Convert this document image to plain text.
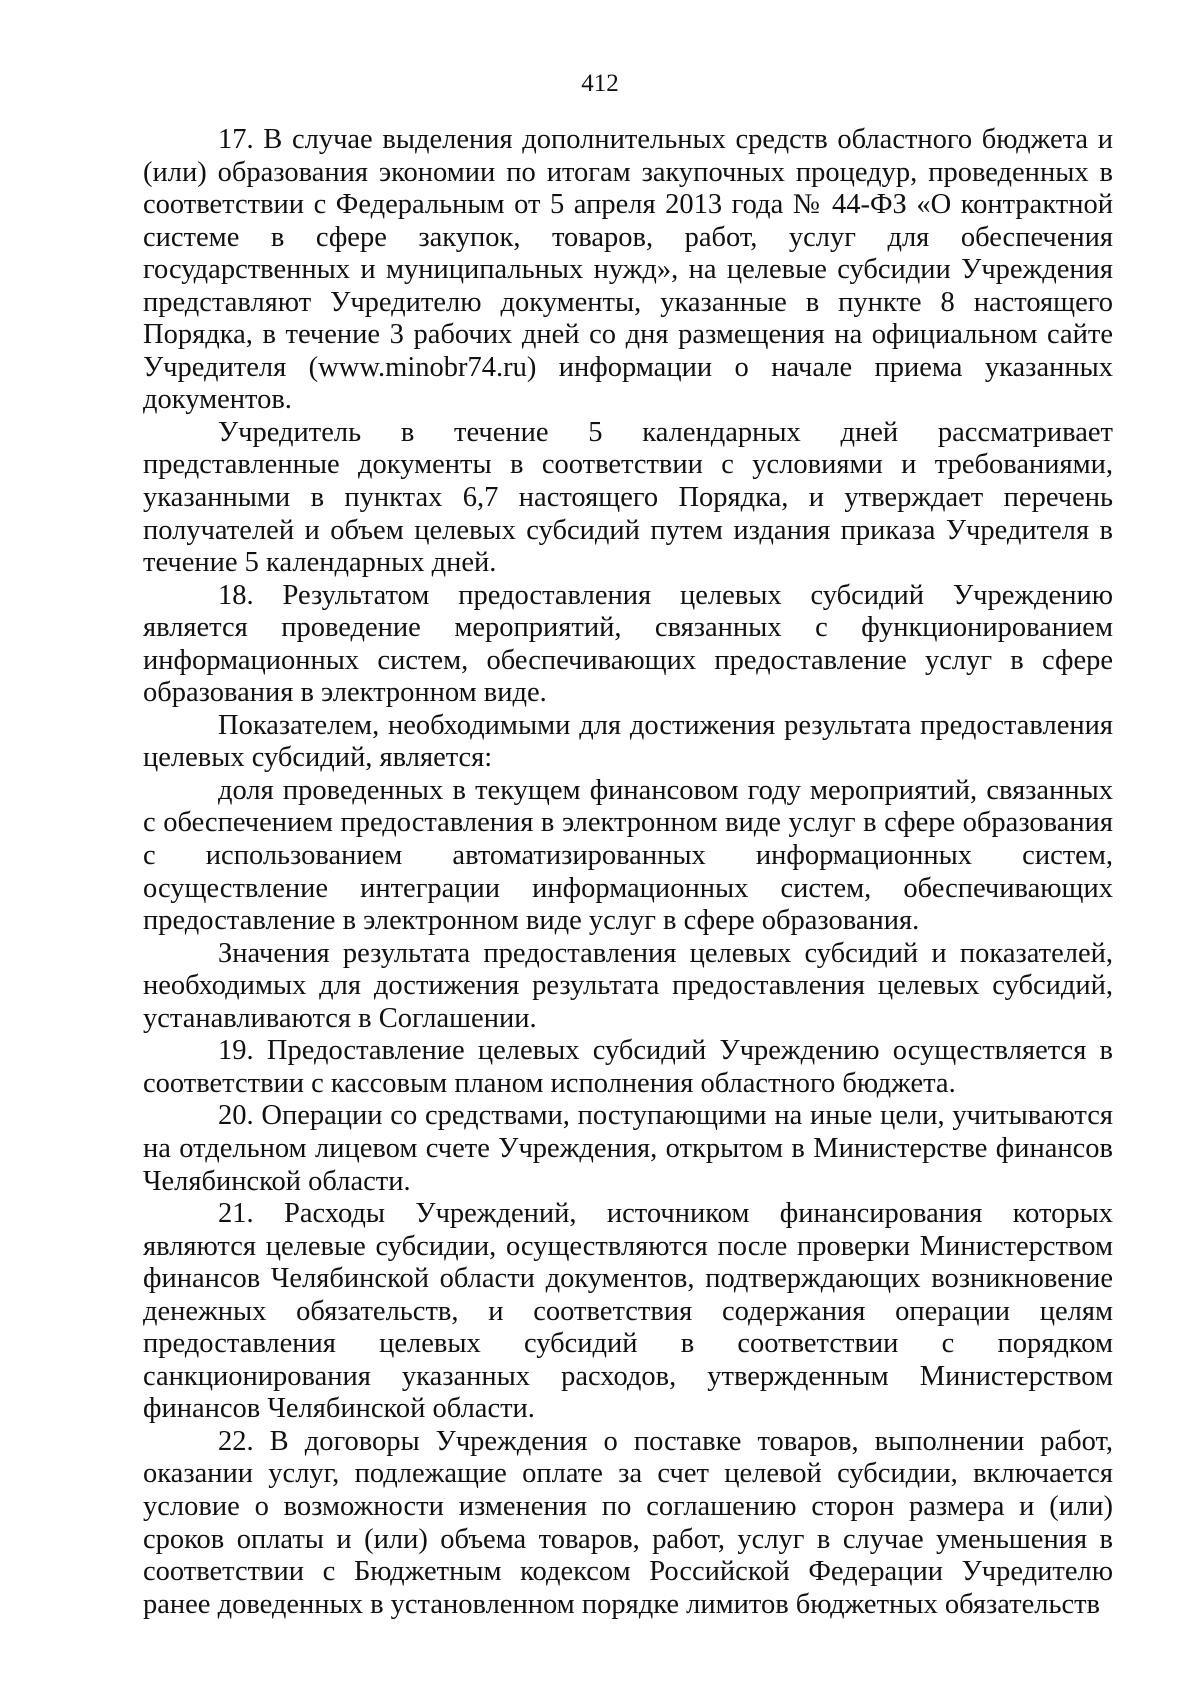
412

17. В случае выделения дополнительных средств областного бюджета и (или) образования экономии по итогам закупочных процедур, проведенных в соответствии с Федеральным от 5 апреля 2013 года № 44-ФЗ «О контрактной системе в сфере закупок, товаров, работ, услуг для обеспечения государственных и муниципальных нужд», на целевые субсидии Учреждения представляют Учредителю документы, указанные в пункте 8 настоящего Порядка, в течение 3 рабочих дней со дня размещения на официальном сайте Учредителя (www.minobr74.ru) информации о начале приема указанных документов.

Учредитель в течение 5 календарных дней рассматривает представленные документы в соответствии с условиями и требованиями, указанными в пунктах 6,7 настоящего Порядка, и утверждает перечень получателей и объем целевых субсидий путем издания приказа Учредителя в течение 5 календарных дней.

18. Результатом предоставления целевых субсидий Учреждению является проведение мероприятий, связанных с функционированием информационных систем, обеспечивающих предоставление услуг в сфере образования в электронном виде.

Показателем, необходимыми для достижения результата предоставления целевых субсидий, является:

доля проведенных в текущем финансовом году мероприятий, связанных с обеспечением предоставления в электронном виде услуг в сфере образования с использованием автоматизированных информационных систем, осуществление интеграции информационных систем, обеспечивающих предоставление в электронном виде услуг в сфере образования.

Значения результата предоставления целевых субсидий и показателей, необходимых для достижения результата предоставления целевых субсидий, устанавливаются в Соглашении.

19. Предоставление целевых субсидий Учреждению осуществляется в соответствии с кассовым планом исполнения областного бюджета.

20. Операции со средствами, поступающими на иные цели, учитываются на отдельном лицевом счете Учреждения, открытом в Министерстве финансов Челябинской области.

21. Расходы Учреждений, источником финансирования которых являются целевые субсидии, осуществляются после проверки Министерством финансов Челябинской области документов, подтверждающих возникновение денежных обязательств, и соответствия содержания операции целям предоставления целевых субсидий в соответствии с порядком санкционирования указанных расходов, утвержденным Министерством финансов Челябинской области.

22. В договоры Учреждения о поставке товаров, выполнении работ, оказании услуг, подлежащие оплате за счет целевой субсидии, включается условие о возможности изменения по соглашению сторон размера и (или) сроков оплаты и (или) объема товаров, работ, услуг в случае уменьшения в соответствии с Бюджетным кодексом Российской Федерации Учредителю ранее доведенных в установленном порядке лимитов бюджетных обязательств
